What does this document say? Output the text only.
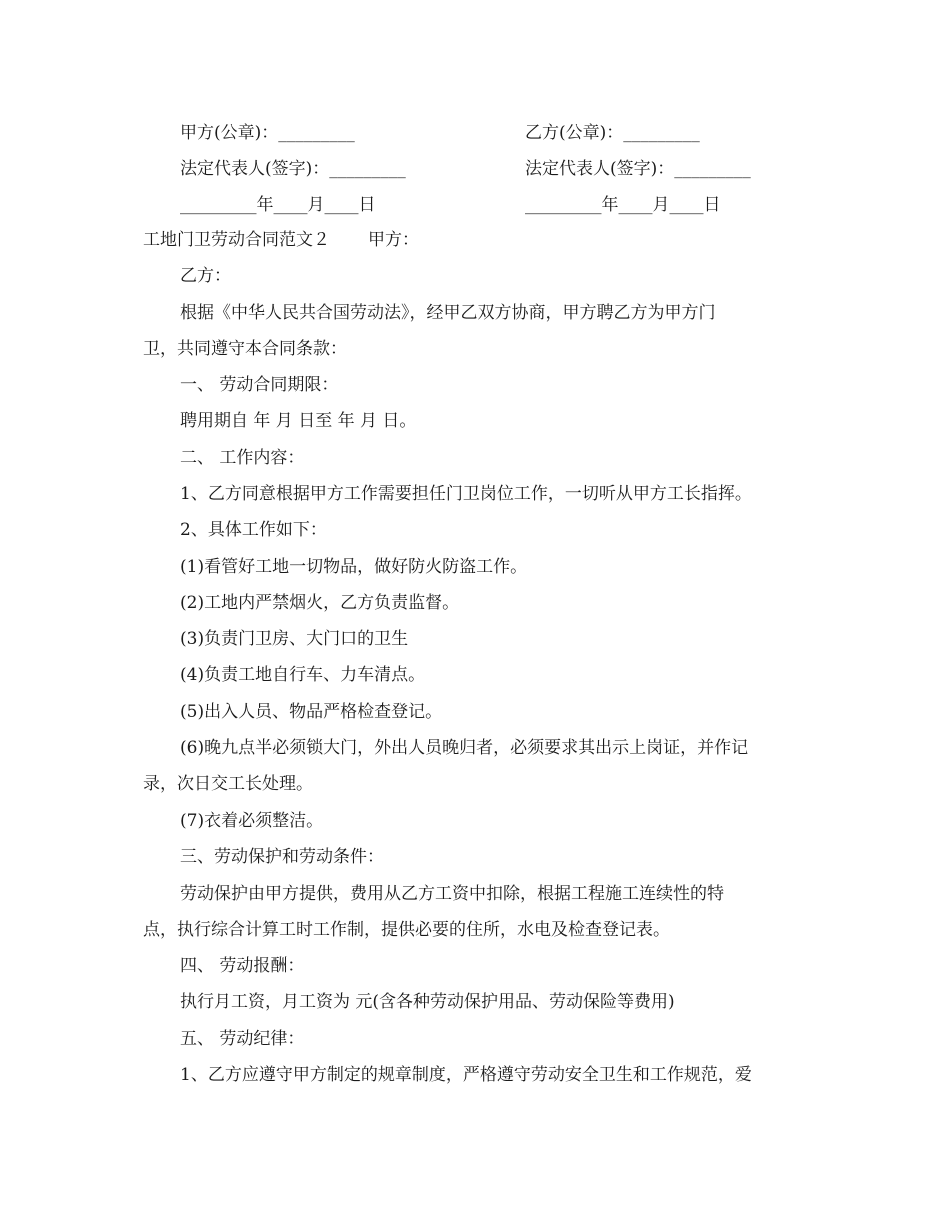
甲方(公章)：_________	乙方(公章)：_________
法定代表人(签字)：_________	法定代表人(签字)：_________
_________年____月____日	_________年____月____日
工地门卫劳动合同范文２ 甲方：
乙方：
根据《中华人民共合国劳动法》，经甲乙双方协商，甲方聘乙方为甲方门
卫，共同遵守本合同条款：
一、 劳动合同期限：
聘用期自 年 月 日至 年 月 日。
二、 工作内容：
1、乙方同意根据甲方工作需要担任门卫岗位工作，一切听从甲方工长指挥。
2、具体工作如下：
(1)看管好工地一切物品，做好防火防盗工作。
(2)工地内严禁烟火，乙方负责监督。
(3)负责门卫房、大门口的卫生
(4)负责工地自行车、力车清点。
(5)出入人员、物品严格检查登记。
(6)晚九点半必须锁大门，外出人员晚归者，必须要求其出示上岗证，并作记
录，次日交工长处理。
(7)衣着必须整洁。
三、劳动保护和劳动条件：
劳动保护由甲方提供，费用从乙方工资中扣除，根据工程施工连续性的特
点，执行综合计算工时工作制，提供必要的住所，水电及检查登记表。
四、 劳动报酬：
执行月工资，月工资为 元(含各种劳动保护用品、劳动保险等费用)
五、 劳动纪律：
1、乙方应遵守甲方制定的规章制度，严格遵守劳动安全卫生和工作规范，爱
